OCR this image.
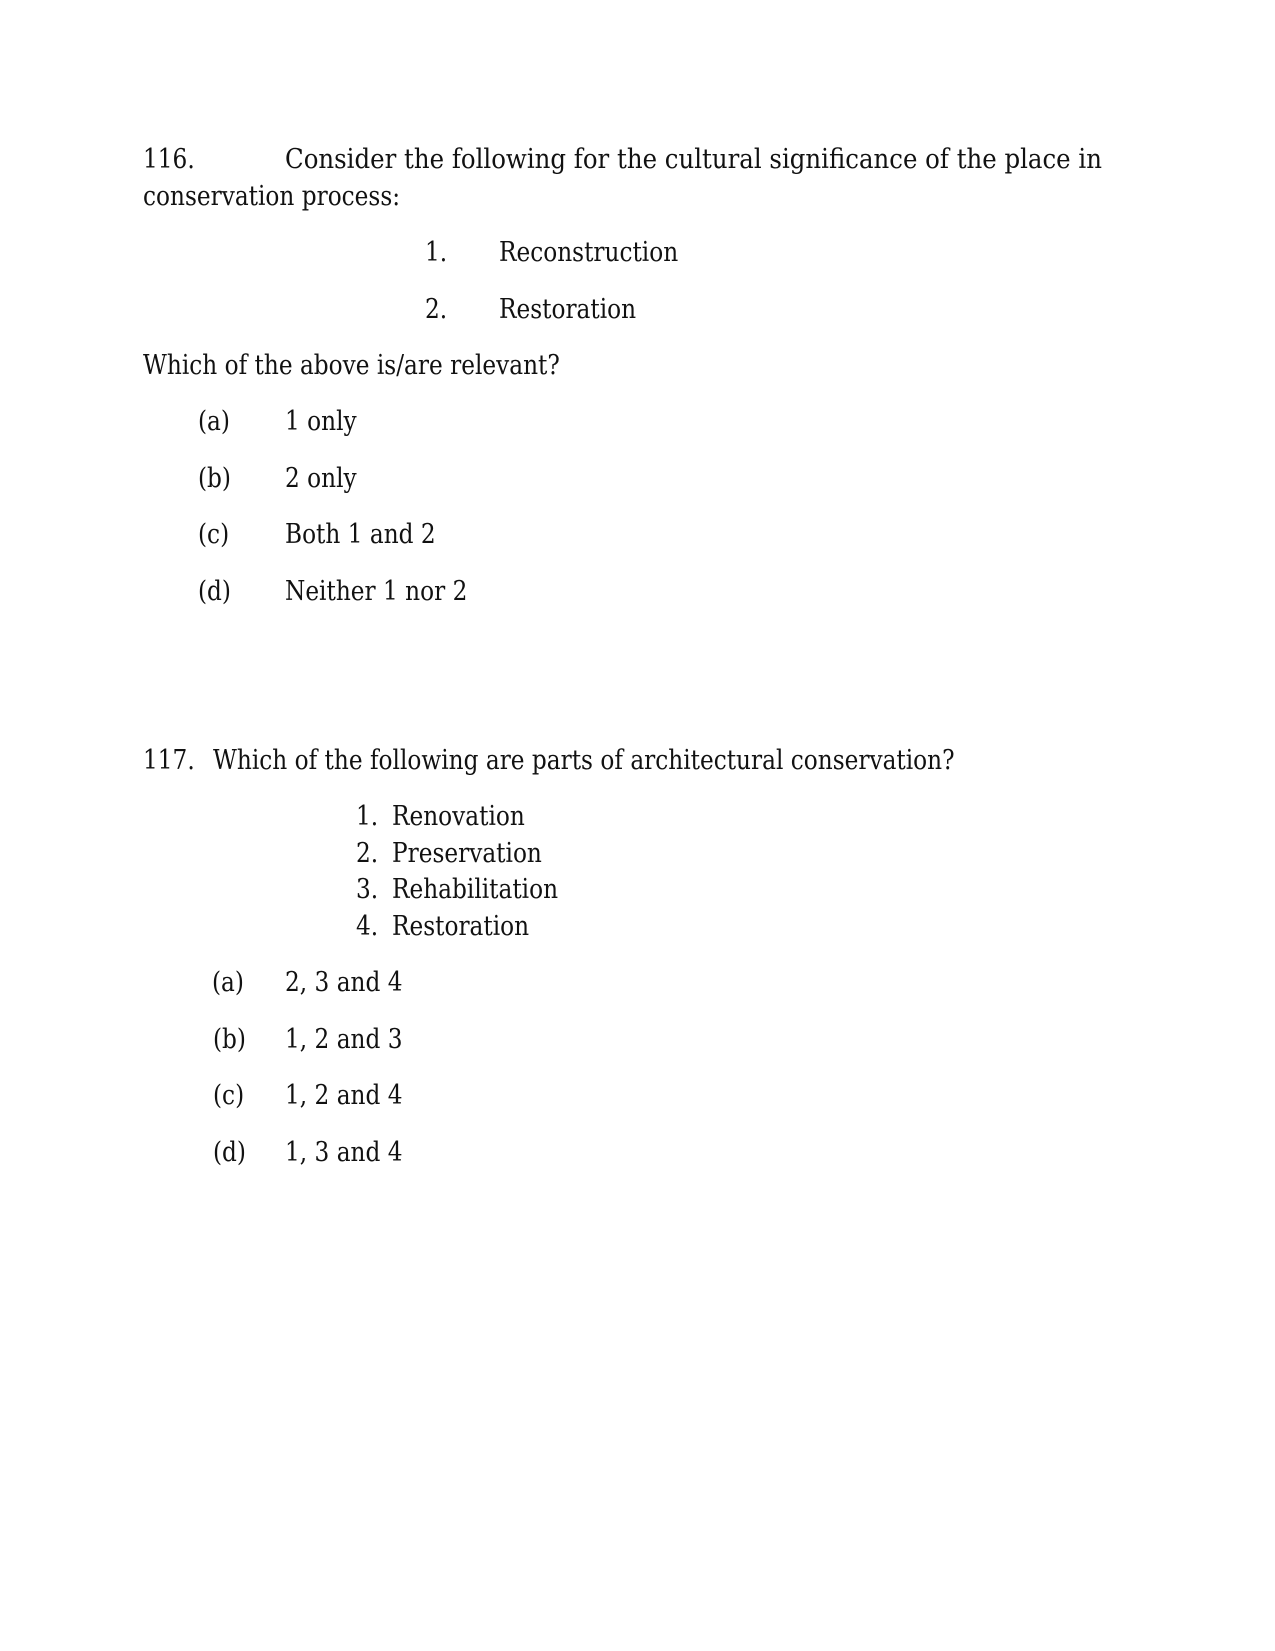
116.	Consider the following for the cultural significance of the place in
conservation process:
1. Reconstruction
2. Restoration
Which of the above is/are relevant?
(a) 1 only
(b) 2 only
(c) Both 1 and 2
(d) Neither 1 nor 2
117. Which of the following are parts of architectural conservation?
1. Renovation
2. Preservation
3. Rehabilitation
4. Restoration
(a) 2, 3 and 4
(b) 1, 2 and 3
(c) 1, 2 and 4
(d) 1, 3 and 4
